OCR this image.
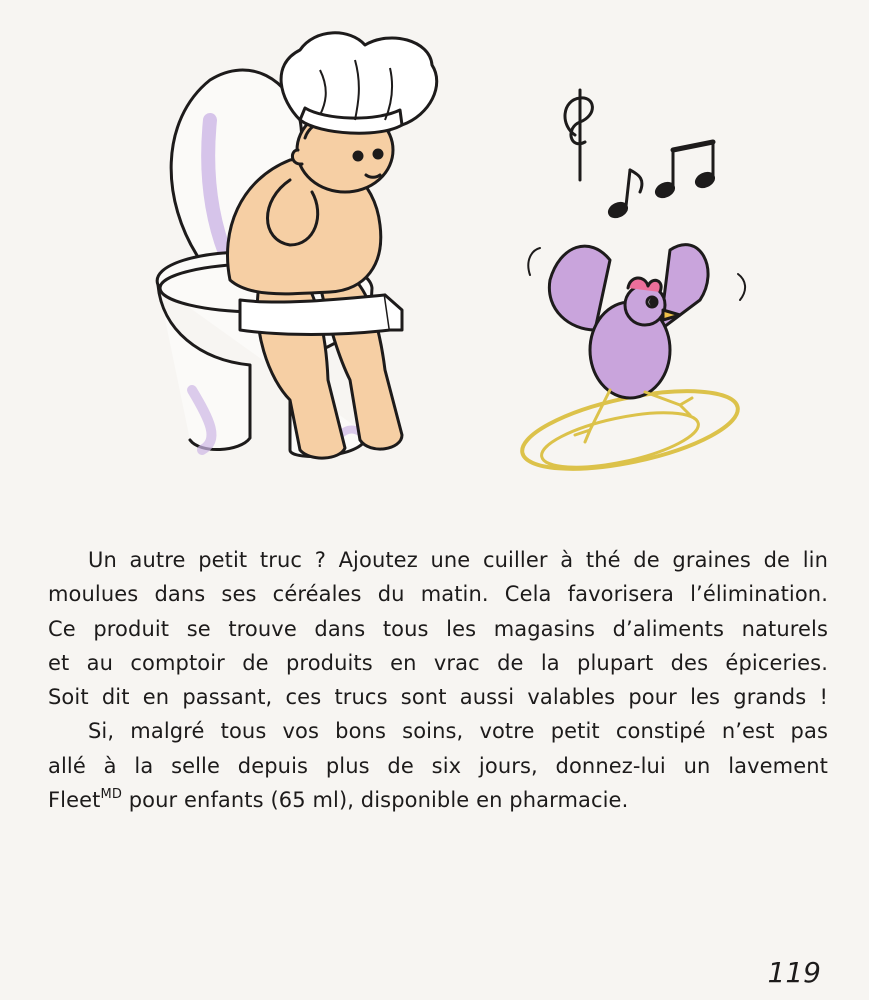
Un autre petit truc ? Ajoutez une cuiller à thé de graines de lin
moulues dans ses céréales du matin. Cela favorisera l’élimination.
Ce produit se trouve dans tous les magasins d’aliments naturels
et au comptoir de produits en vrac de la plupart des épiceries.
Soit dit en passant, ces trucs sont aussi valables pour les grands !
Si, malgré tous vos bons soins, votre petit constipé n’est pas
allé à la selle depuis plus de six jours, donnez-lui un lavement
Fleet$^{MD}$ pour enfants (65 ml), disponible en pharmacie.
119
